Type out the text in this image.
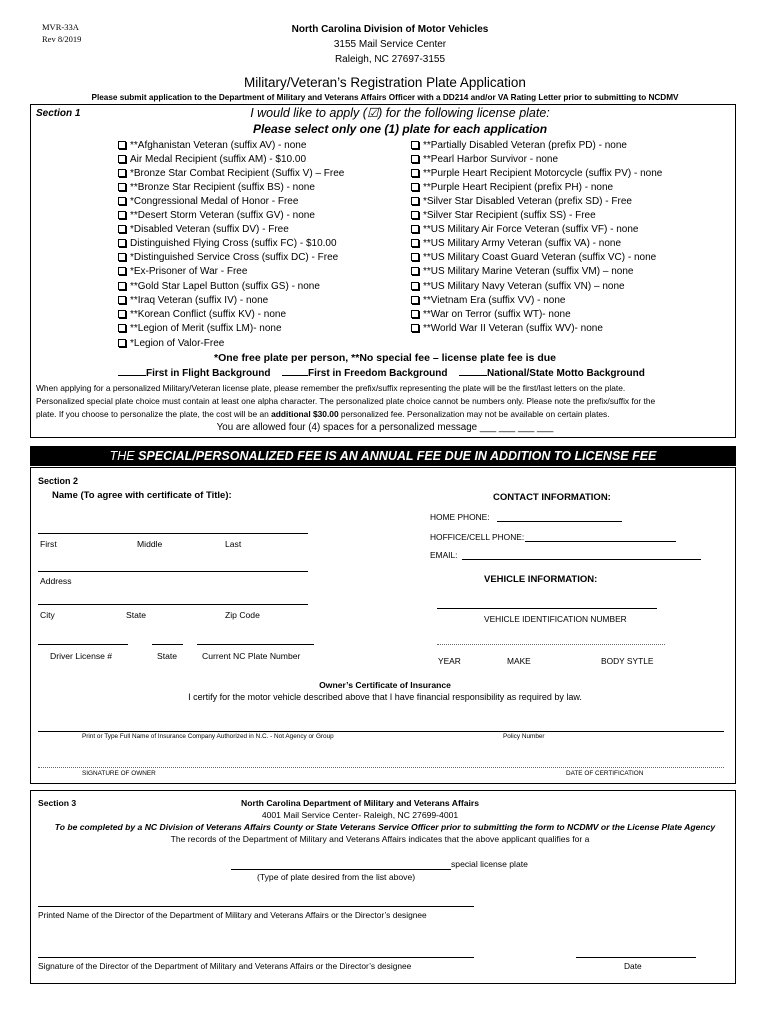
MVR-33A
Rev 8/2019
North Carolina Division of Motor Vehicles
3155 Mail Service Center
Raleigh, NC 27697-3155
Military/Veteran’s Registration Plate Application
Please submit application to the Department of Military and Veterans Affairs Officer with a DD214 and/or VA Rating Letter prior to submitting to NCDMV
Section 1	I would like to apply (☑) for the following license plate:
Please select only one (1) plate for each application
**Afghanistan Veteran (suffix AV) - none
Air Medal Recipient (suffix AM) - $10.00
*Bronze Star Combat Recipient (Suffix V) – Free
**Bronze Star Recipient (suffix BS) - none
*Congressional Medal of Honor - Free
**Desert Storm Veteran (suffix GV) - none
*Disabled Veteran (suffix DV) - Free
Distinguished Flying Cross (suffix FC) - $10.00
*Distinguished Service Cross (suffix DC) - Free
*Ex-Prisoner of War - Free
**Gold Star Lapel Button (suffix GS) - none
**Iraq Veteran (suffix IV) - none
**Korean Conflict (suffix KV) - none
**Legion of Merit (suffix LM)- none
*Legion of Valor-Free
**Partially Disabled Veteran (prefix PD) - none
**Pearl Harbor Survivor - none
**Purple Heart Recipient Motorcycle (suffix PV) - none
**Purple Heart Recipient (prefix PH) - none
*Silver Star Disabled Veteran (prefix SD) - Free
*Silver Star Recipient (suffix SS) - Free
**US Military Air Force Veteran (suffix VF) - none
**US Military Army Veteran (suffix VA) - none
**US Military Coast Guard Veteran (suffix VC) - none
**US Military Marine Veteran (suffix VM) – none
**US Military Navy Veteran (suffix VN) – none
**Vietnam Era (suffix VV) - none
**War on Terror (suffix WT)- none
**World War II Veteran (suffix WV)- none
*One free plate per person, **No special fee – license plate fee is due
First in Flight Background	First in Freedom Background	National/State Motto Background
When applying for a personalized Military/Veteran license plate, please remember the prefix/suffix representing the plate will be the first/last letters on the plate.
Personalized special plate choice must contain at least one alpha character. The personalized plate choice cannot be numbers only. Please note the prefix/suffix for the
plate. If you choose to personalize the plate, the cost will be an additional $30.00 personalized fee. Personalization may not be available on certain plates.
You are allowed four (4) spaces for a personalized message ___ ___ ___ ___
THE SPECIAL/PERSONALIZED FEE IS AN ANNUAL FEE DUE IN ADDITION TO LICENSE FEE
Section 2
Name (To agree with certificate of Title):
First	Middle	Last
Address
City	State	Zip Code
Driver License #	State	Current NC Plate Number
CONTACT INFORMATION:
HOME PHONE:
HOFFICE/CELL PHONE:
EMAIL:
VEHICLE INFORMATION:
VEHICLE IDENTIFICATION NUMBER
YEAR	MAKE	BODY SYTLE
Owner’s Certificate of Insurance
I certify for the motor vehicle described above that I have financial responsibility as required by law.
Print or Type Full Name of Insurance Company Authorized in N.C. - Not Agency or Group	Policy Number
SIGNATURE OF OWNER	DATE OF CERTIFICATION
Section 3	North Carolina Department of Military and Veterans Affairs
4001 Mail Service Center- Raleigh, NC 27699-4001
To be completed by a NC Division of Veterans Affairs County or State Veterans Service Officer prior to submitting the form to NCDMV or the License Plate Agency
The records of the Department of Military and Veterans Affairs indicates that the above applicant qualifies for a
special license plate
(Type of plate desired from the list above)
Printed Name of the Director of the Department of Military and Veterans Affairs or the Director’s designee
Signature of the Director of the Department of Military and Veterans Affairs or the Director’s designee	Date
